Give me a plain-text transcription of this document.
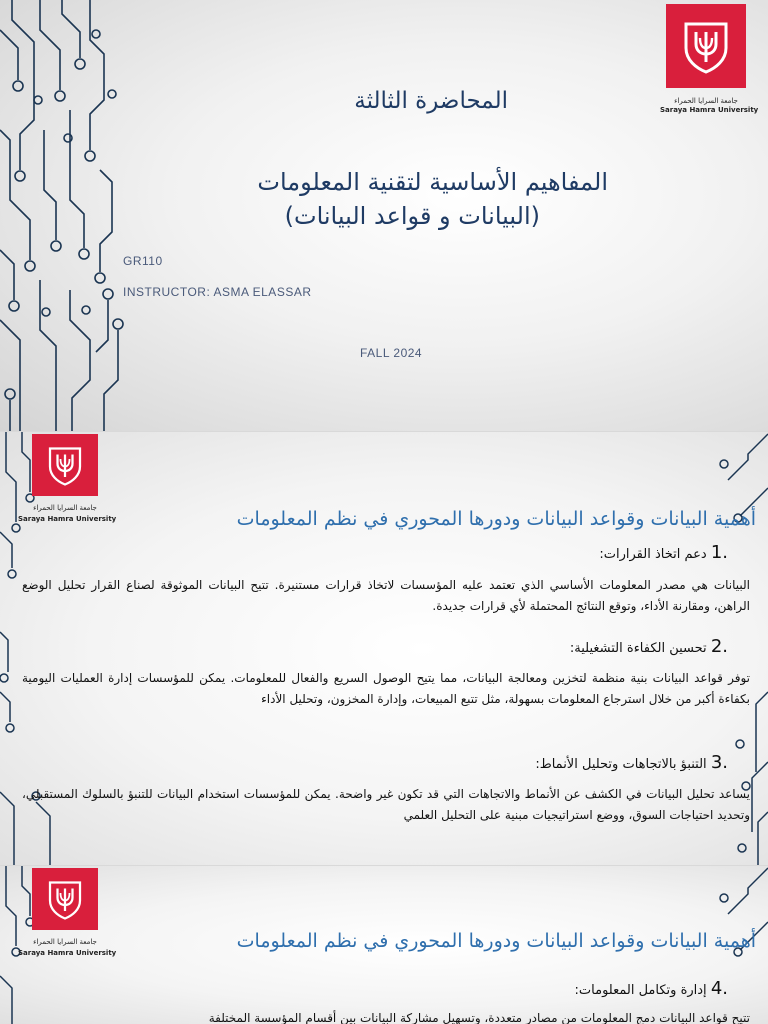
جامعة السرايا الحمراء
Saraya Hamra University
المحاضرة الثالثة
المفاهيم الأساسية لتقنية المعلومات
(البيانات و قواعد البيانات)
GR110
INSTRUCTOR: ASMA ELASSAR
FALL 2024
جامعة السرايا الحمراء
Saraya Hamra University	أهمية البيانات وقواعد البيانات ودورها المحوري في نظم المعلومات
.1 دعم اتخاذ القرارات:
البيانات هي مصدر المعلومات الأساسي الذي تعتمد عليه المؤسسات لاتخاذ قرارات مستنيرة. تتيح البيانات الموثوقة لصناع القرار تحليل الوضع الراهن، ومقارنة الأداء، وتوقع النتائج المحتملة لأي قرارات جديدة.
.2 تحسين الكفاءة التشغيلية:
توفر قواعد البيانات بنية منظمة لتخزين ومعالجة البيانات، مما يتيح الوصول السريع والفعال للمعلومات. يمكن للمؤسسات إدارة العمليات اليومية بكفاءة أكبر من خلال استرجاع المعلومات بسهولة، مثل تتبع المبيعات، وإدارة المخزون، وتحليل الأداء
.3 التنبؤ بالاتجاهات وتحليل الأنماط:
يساعد تحليل البيانات في الكشف عن الأنماط والاتجاهات التي قد تكون غير واضحة. يمكن للمؤسسات استخدام البيانات للتنبؤ بالسلوك المستقبلي، وتحديد احتياجات السوق، ووضع استراتيجيات مبنية على التحليل العلمي
جامعة السرايا الحمراء
Saraya Hamra University
أهمية البيانات وقواعد البيانات ودورها المحوري في نظم المعلومات
.4 إدارة وتكامل المعلومات:
تتيح قواعد البيانات دمج المعلومات من مصادر متعددة، وتسهيل مشاركة البيانات بين أقسام المؤسسة المختلفة
